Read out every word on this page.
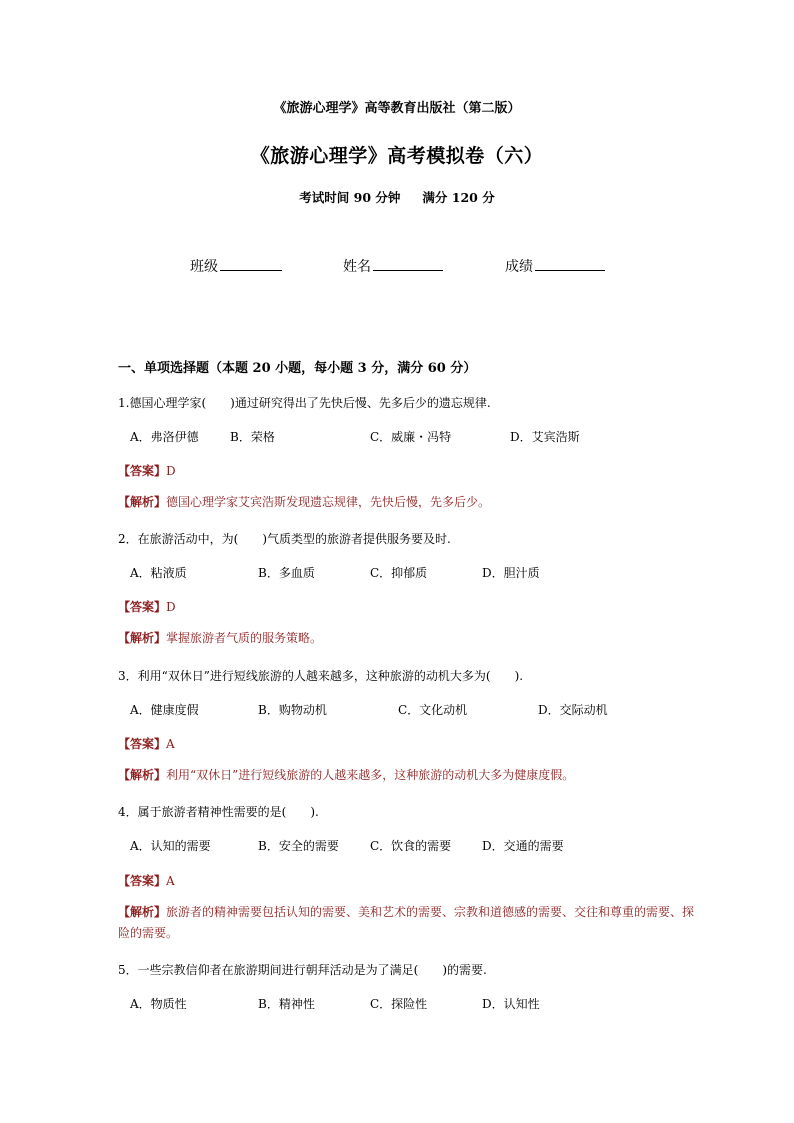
《旅游心理学》高等教育出版社（第二版）
《旅游心理学》高考模拟卷（六）
考试时间 90 分钟 满分 120 分
班级	姓名	成绩
一、单项选择题（本题 20 小题，每小题 3 分，满分 60 分）
1.德国心理学家(　　)通过研究得出了先快后慢、先多后少的遗忘规律.
A．弗洛伊德	B．荣格	C．威廉・冯特	D．艾宾浩斯
【答案】D
【解析】德国心理学家艾宾浩斯发现遗忘规律，先快后慢，先多后少。
2．在旅游活动中，为(　　)气质类型的旅游者提供服务要及时.
A．粘液质	B．多血质	C．抑郁质	D．胆汁质
【答案】D
【解析】掌握旅游者气质的服务策略。
3．利用“双休日”进行短线旅游的人越来越多，这种旅游的动机大多为(　　).
A．健康度假	B．购物动机	C．文化动机	D．交际动机
【答案】A
【解析】利用“双休日”进行短线旅游的人越来越多，这种旅游的动机大多为健康度假。
4．属于旅游者精神性需要的是(　　).
A．认知的需要	B．安全的需要	C．饮食的需要	D．交通的需要
【答案】A
【解析】旅游者的精神需要包括认知的需要、美和艺术的需要、宗教和道德感的需要、交往和尊重的需要、探险的需要。
5．一些宗教信仰者在旅游期间进行朝拜活动是为了满足(　　)的需要.
A．物质性	B．精神性	C．探险性	D．认知性
